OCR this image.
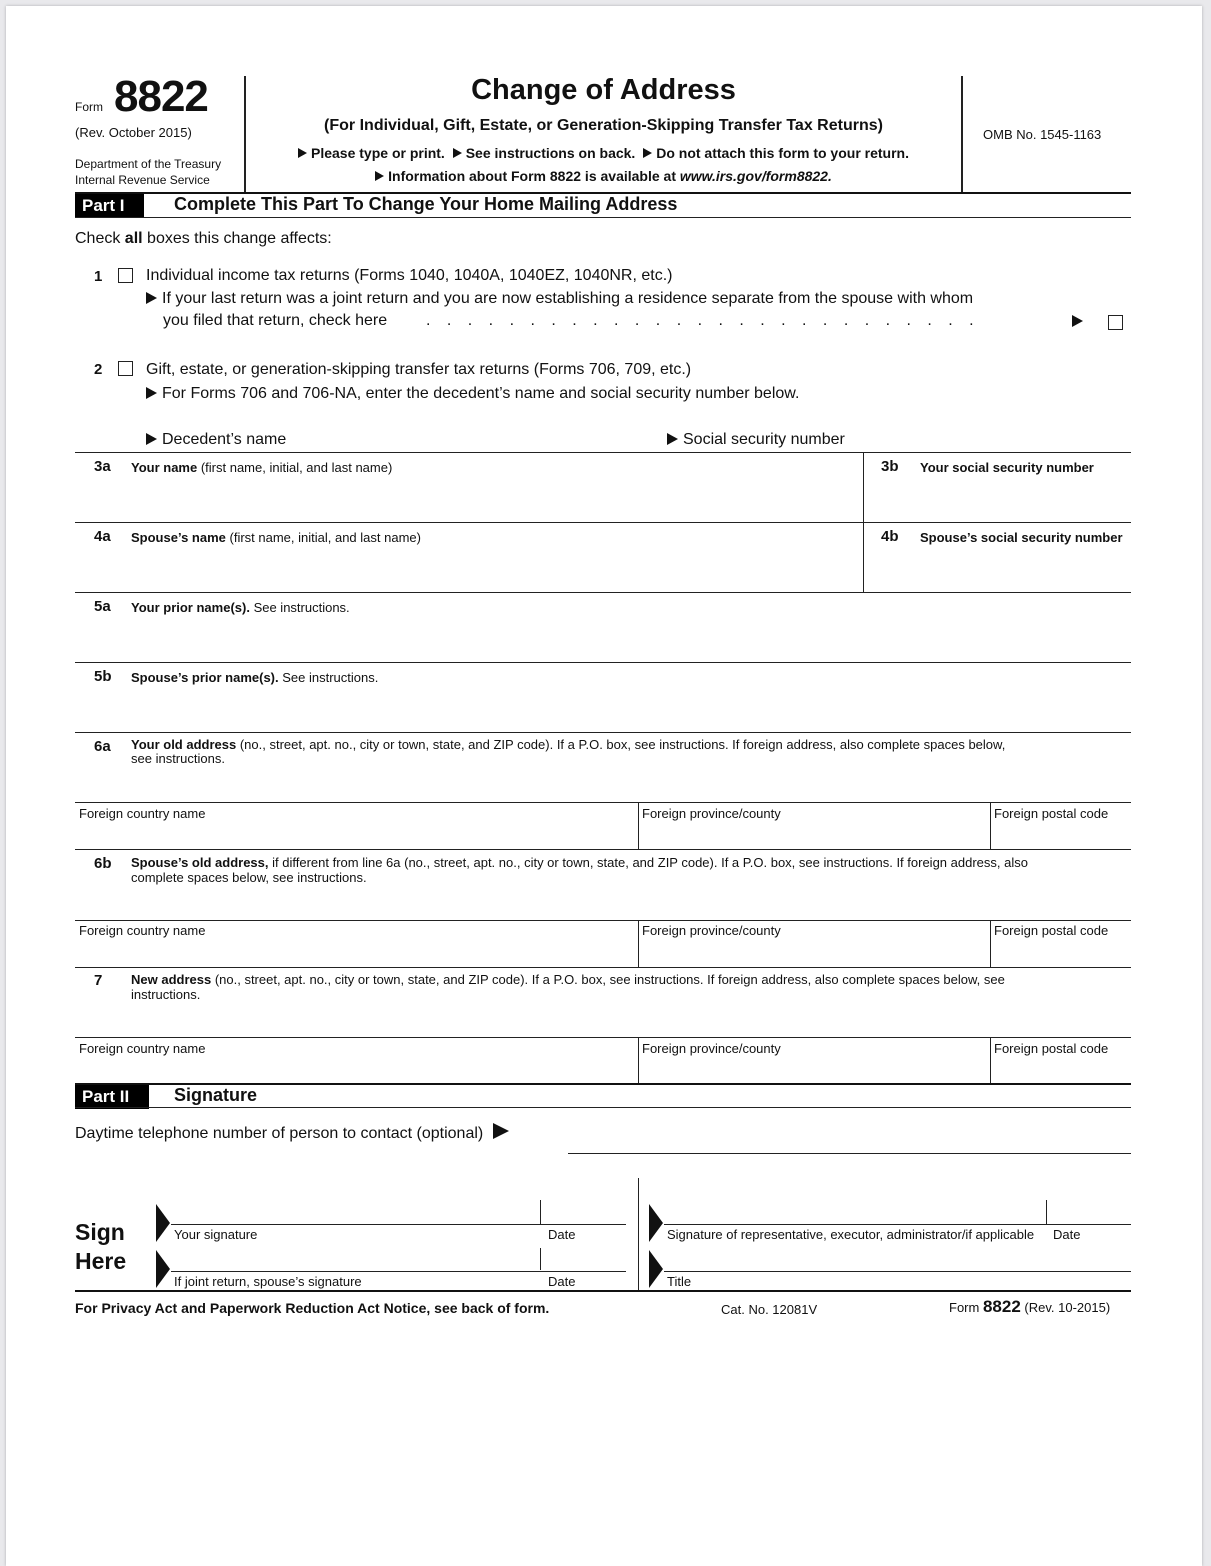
Form 8822
(Rev. October 2015)
Department of the Treasury
Internal Revenue Service
Change of Address
(For Individual, Gift, Estate, or Generation-Skipping Transfer Tax Returns)
Please type or print. See instructions on back. Do not attach this form to your return.
Information about Form 8822 is available at www.irs.gov/form8822.
OMB No. 1545-1163
Part I	Complete This Part To Change Your Home Mailing Address
Check all boxes this change affects:
1	Individual income tax returns (Forms 1040, 1040A, 1040EZ, 1040NR, etc.)
If your last return was a joint return and you are now establishing a residence separate from the spouse with whom
you filed that return, check here . . . . . . . . . . . . . . . . . . . . . . . . . . .
2	Gift, estate, or generation-skipping transfer tax returns (Forms 706, 709, etc.)
For Forms 706 and 706-NA, enter the decedent’s name and social security number below.
Decedent’s name	Social security number
3a Your name (first name, initial, and last name)	3b Your social security number
4a Spouse’s name (first name, initial, and last name)	4b Spouse’s social security number
5a Your prior name(s). See instructions.
5b Spouse’s prior name(s). See instructions.
6a Your old address (no., street, apt. no., city or town, state, and ZIP code). If a P.O. box, see instructions. If foreign address, also complete spaces below,
see instructions.
Foreign country name	Foreign province/county	Foreign postal code
6b Spouse’s old address, if different from line 6a (no., street, apt. no., city or town, state, and ZIP code). If a P.O. box, see instructions. If foreign address, also
complete spaces below, see instructions.
Foreign country name	Foreign province/county	Foreign postal code
7 New address (no., street, apt. no., city or town, state, and ZIP code). If a P.O. box, see instructions. If foreign address, also complete spaces below, see
instructions.
Foreign country name	Foreign province/county	Foreign postal code
Part II	Signature
Daytime telephone number of person to contact (optional)
Sign
Here
Your signature	Date
If joint return, spouse’s signature	Date
Signature of representative, executor, administrator/if applicable Date
Title
For Privacy Act and Paperwork Reduction Act Notice, see back of form.	Cat. No. 12081V	Form 8822 (Rev. 10-2015)
